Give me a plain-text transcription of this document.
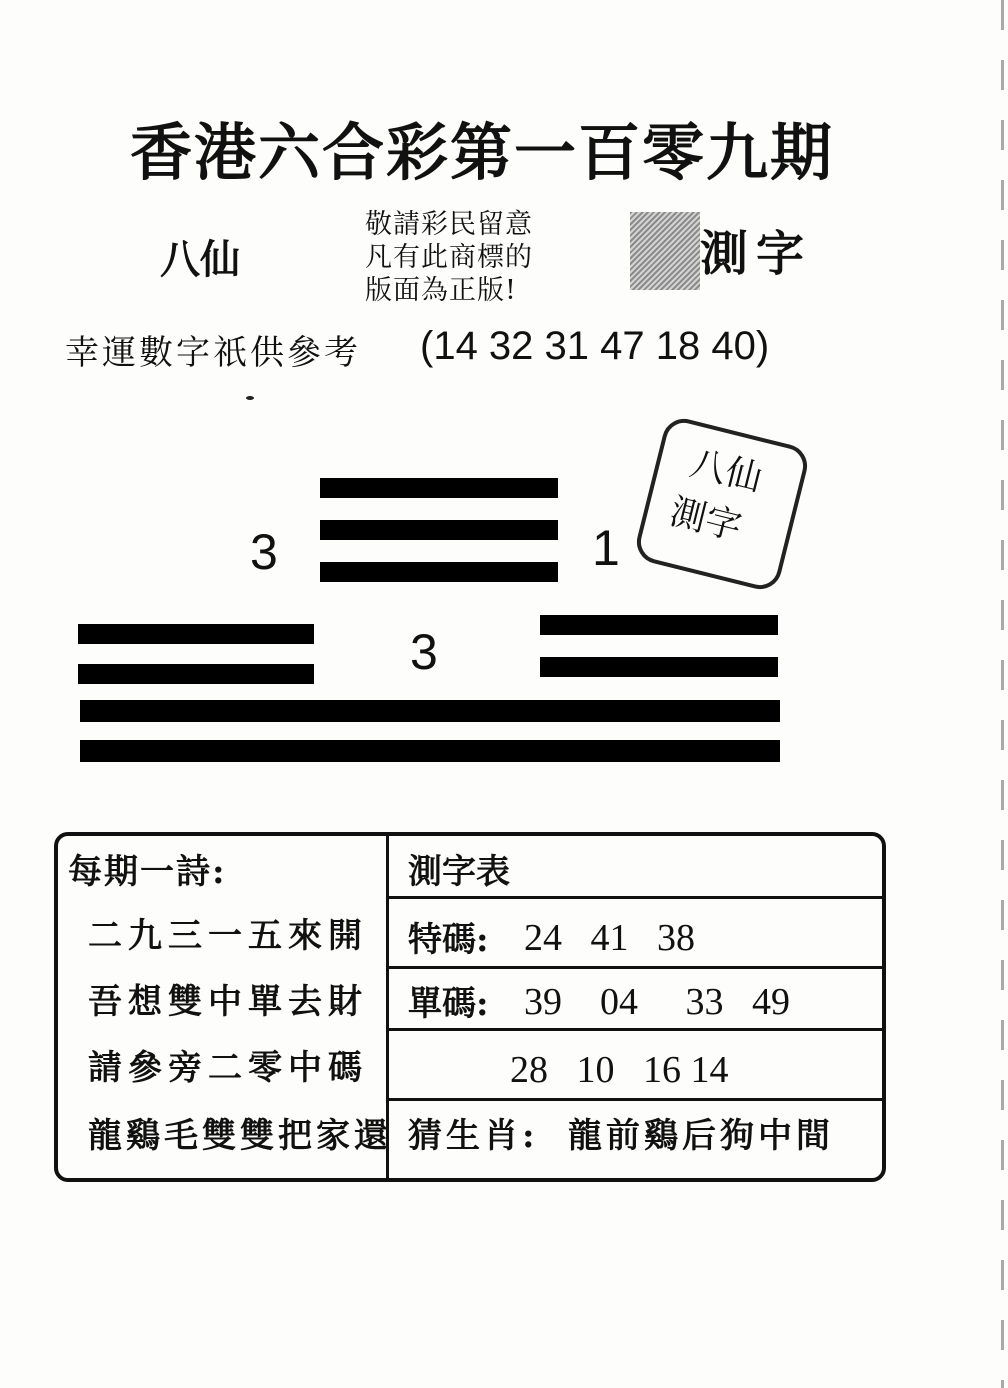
香港六合彩第一百零九期
八仙
敬請彩民留意
凡有此商標的
版面為正版!
測字
幸運數字祇供參考 (14 32 31 47 18 40)
3	1
3
八仙
測字
每期一詩:
二九三一五來開
吾想雙中單去財
請參旁二零中碼
龍鷄毛雙雙把家還
測字表
特碼: 24   41   38
單碼: 39    04     33   49
28   10   16 14
猜生肖: 龍前鷄后狗中間
